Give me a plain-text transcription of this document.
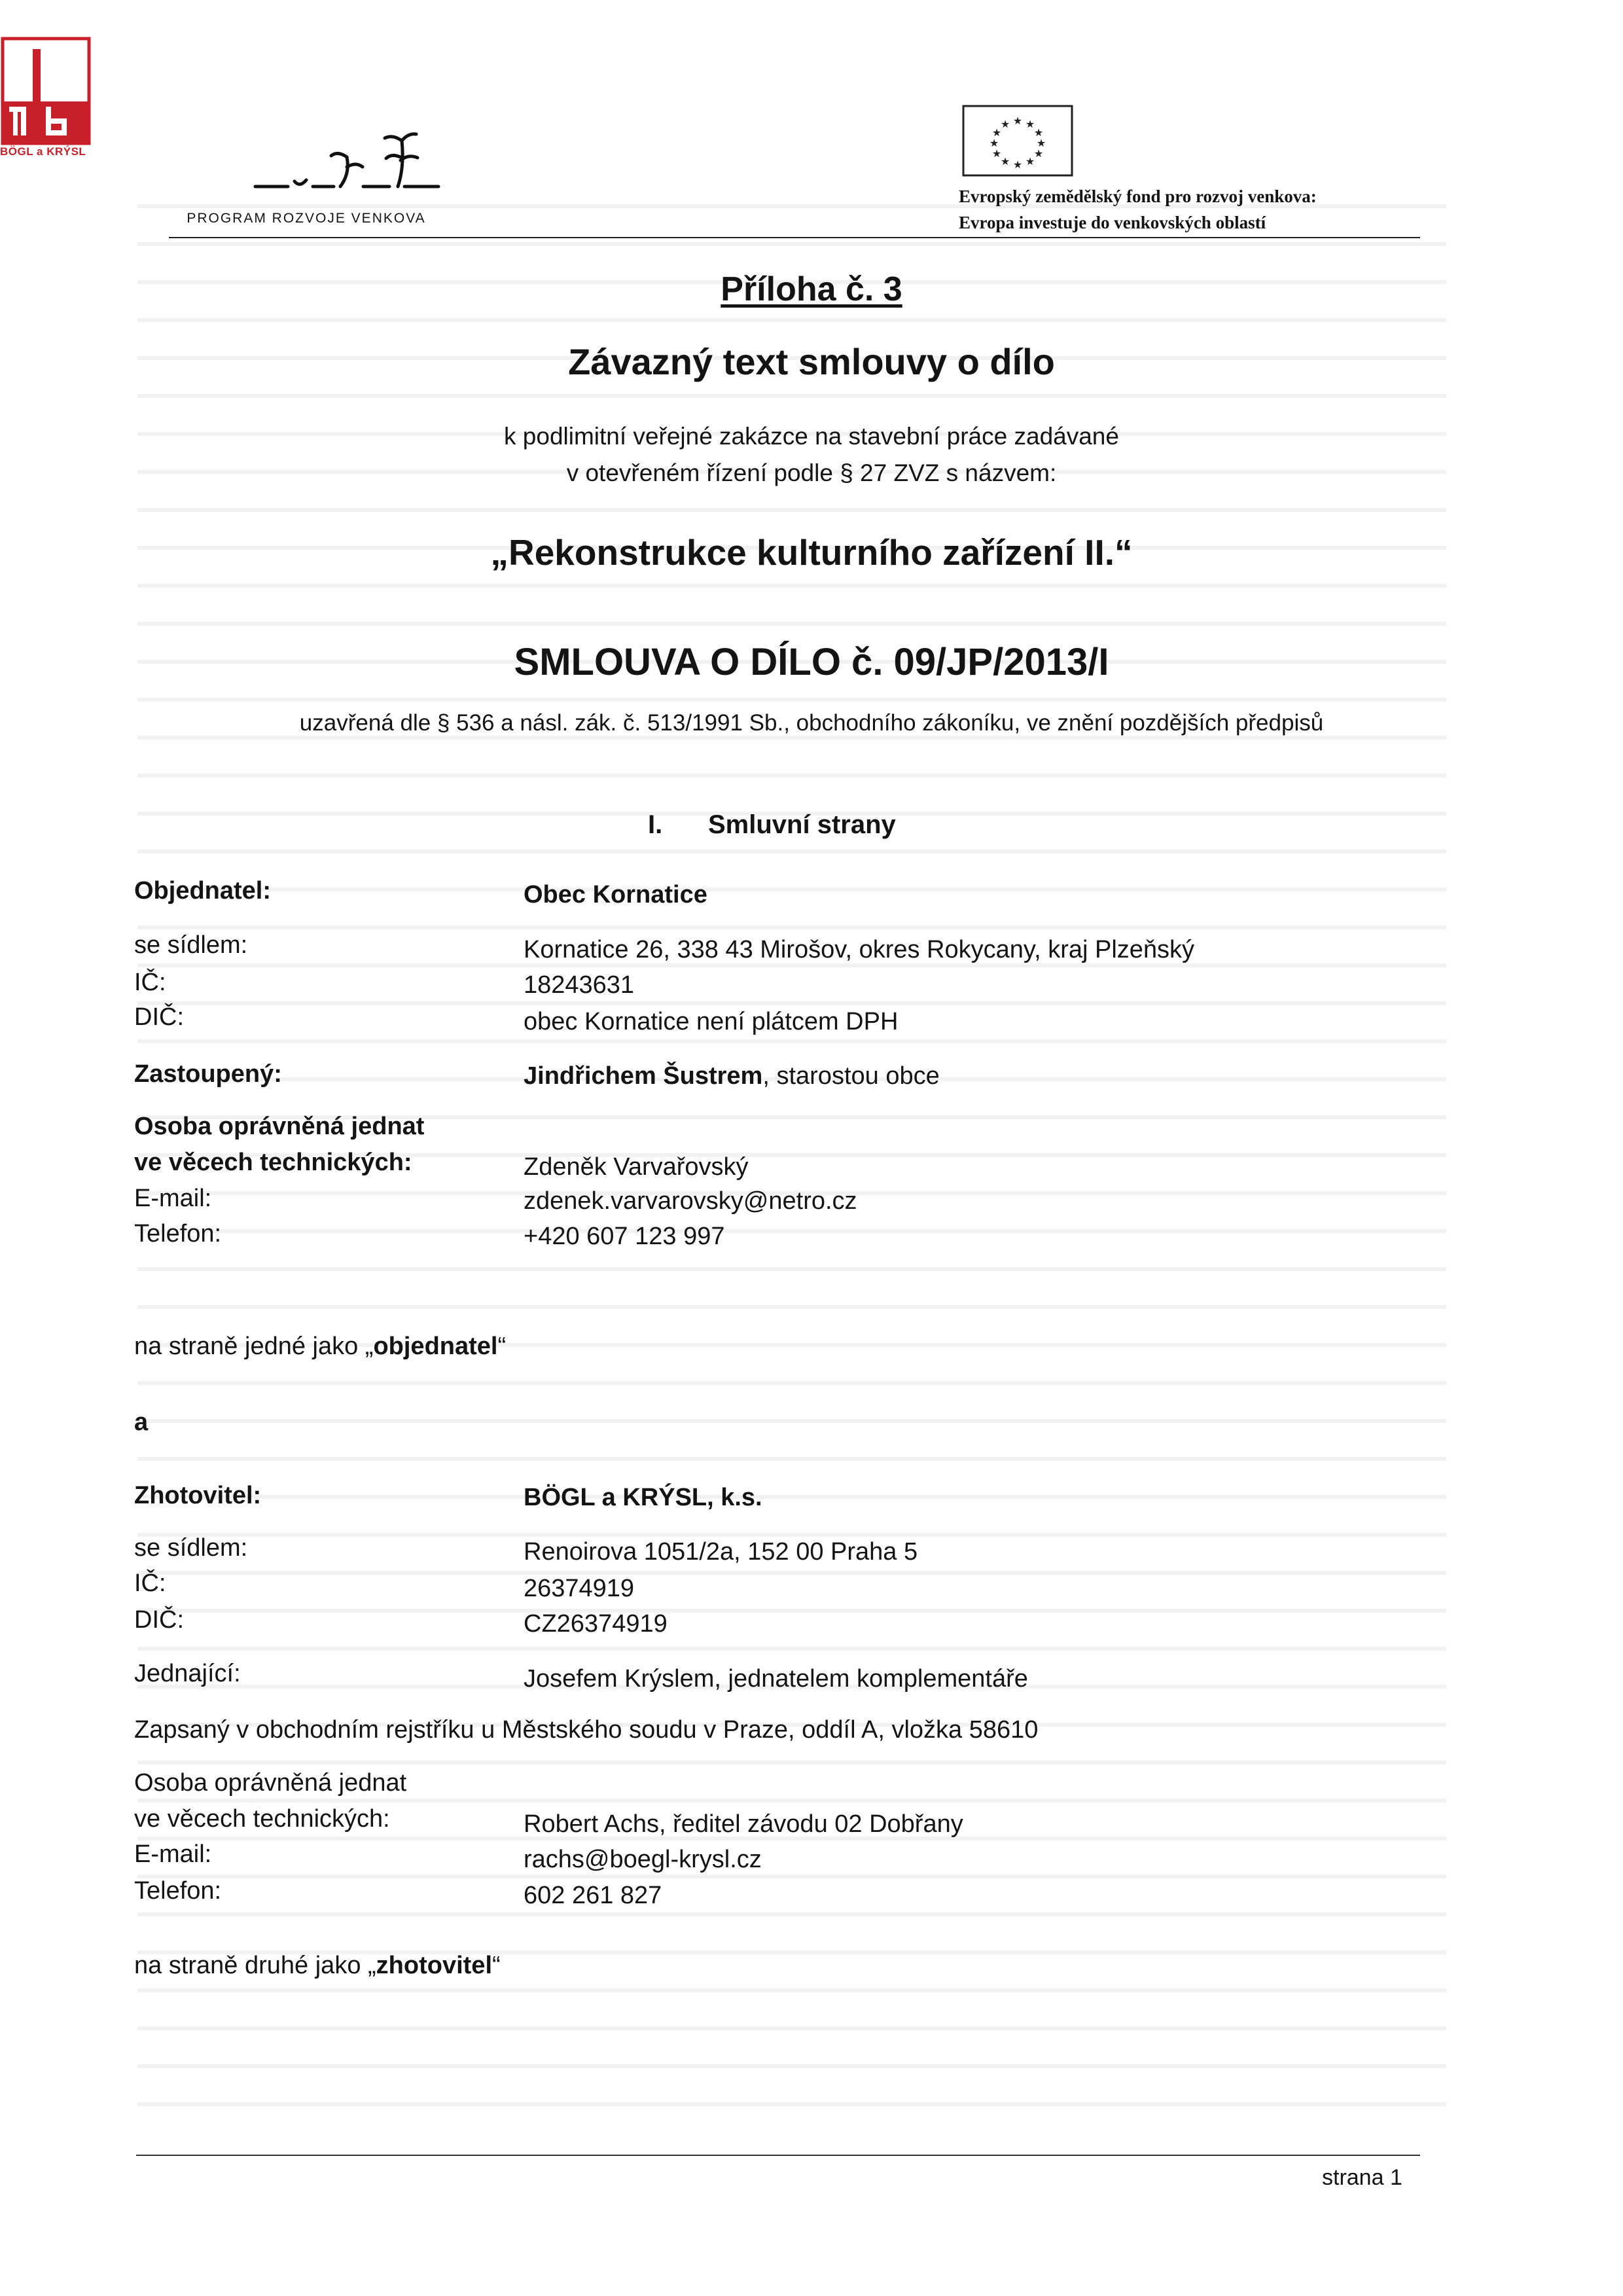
BÖGL a KRÝSL
PROGRAM ROZVOJE VENKOVA
★ ★
★
★
★
★
★
★
★
★
★
★
Evropský zemědělský fond pro rozvoj venkova:
Evropa investuje do venkovských oblastí
Příloha č. 3
Závazný text smlouvy o dílo
k podlimitní veřejné zakázce na stavební práce zadávané
v otevřeném řízení podle § 27 ZVZ s názvem:
„Rekonstrukce kulturního zařízení II.“
SMLOUVA O DÍLO č. 09/JP/2013/I
uzavřená dle § 536 a násl. zák. č. 513/1991 Sb., obchodního zákoníku, ve znění pozdějších předpisů
I. Smluvní strany
Objednatel:	Obec Kornatice
se sídlem:	Kornatice 26, 338 43 Mirošov, okres Rokycany, kraj Plzeňský
IČ:	18243631
DIČ:	obec Kornatice není plátcem DPH
Zastoupený:	Jindřichem Šustrem, starostou obce
Osoba oprávněná jednat
ve věcech technických:	Zdeněk Varvařovský
E-mail:	zdenek.varvarovsky@netro.cz
Telefon:	+420 607 123 997
na straně jedné jako „objednatel“
a
Zhotovitel:	BÖGL a KRÝSL, k.s.
se sídlem:	Renoirova 1051/2a, 152 00 Praha 5
IČ:	26374919
DIČ:	CZ26374919
Jednající:	Josefem Krýslem, jednatelem komplementáře
Zapsaný v obchodním rejstříku u Městského soudu v Praze, oddíl A, vložka 58610
Osoba oprávněná jednat
ve věcech technických:	Robert Achs, ředitel závodu 02 Dobřany
E-mail:	rachs@boegl-krysl.cz
Telefon:	602 261 827
na straně druhé jako „zhotovitel“
strana 1
